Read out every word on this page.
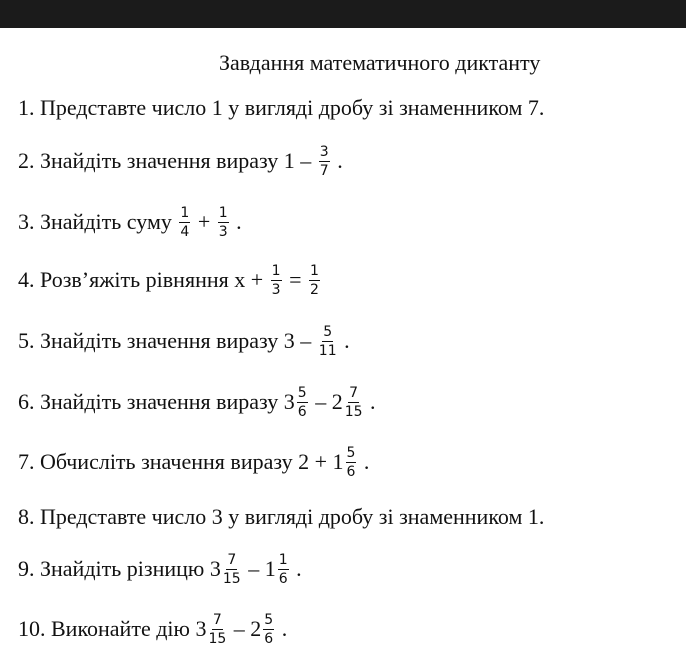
Завдання математичного диктанту
1. Представте число 1 у вигляді дробу зі знаменником 7.
2. Знайдіть значення виразу $1 - \frac{3}{7}$ .
3. Знайдіть суму $\frac{1}{4} + \frac{1}{3}$ .
4. Розв’яжіть рівняння $х + \frac{1}{3} = \frac{1}{2}$
5. Знайдіть значення виразу $3 - \frac{5}{11}$ .
6. Знайдіть значення виразу $3 \frac{5}{6} - 2 \frac{7}{15}$ .
7. Обчисліть значення виразу $2 + 1 \frac{5}{6}$ .
8. Представте число 3 у вигляді дробу зі знаменником 1.
9. Знайдіть різницю $3 \frac{7}{15} - 1 \frac{1}{6}$ .
10. Виконайте дію $3 \frac{7}{15} - 2 \frac{5}{6}$ .
